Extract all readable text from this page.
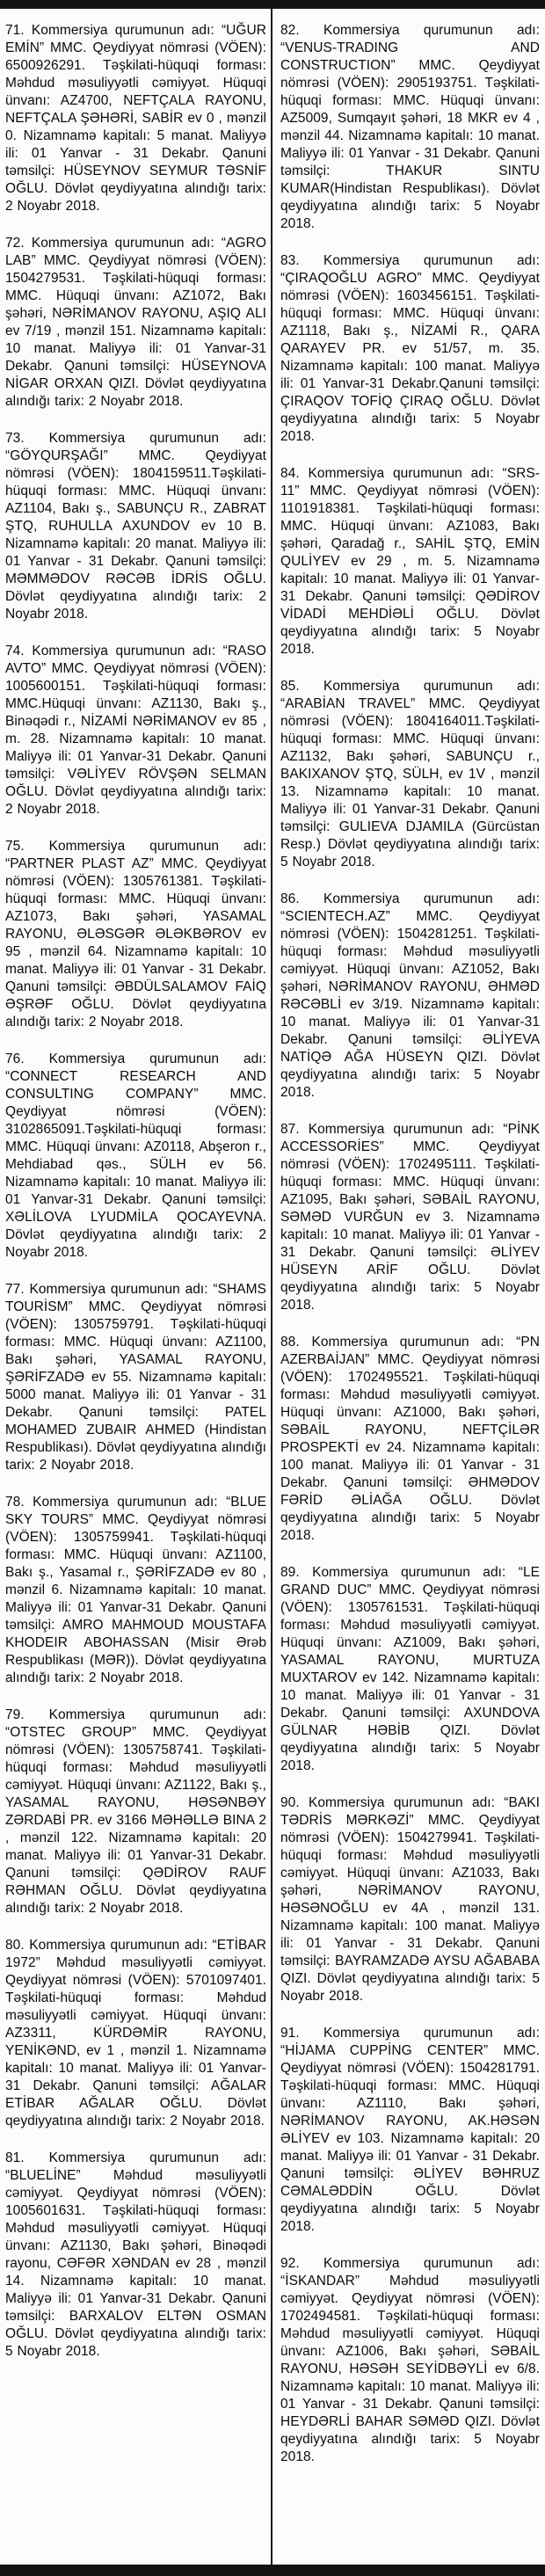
71. Kommersiya qurumunun adı: “UĞUR EMİN” MMC. Qeydiyyat nömrəsi (VÖEN): 6500926291. Təşkilati-hüquqi forması: Məhdud məsuliyyətli cəmiyyət. Hüquqi ünvanı: AZ4700, NEFTÇALA RAYONU, NEFTÇALA ŞƏHƏRİ, SABİR ev 0 , mənzil 0. Nizamnamə kapitalı: 5 manat. Maliyyə ili: 01 Yanvar - 31 Dekabr. Qanuni təmsilçi: HÜSEYNOV SEYMUR TƏSNİF OĞLU. Dövlət qeydiyyatına alındığı tarix: 2 Noyabr 2018.

72. Kommersiya qurumunun adı: “AGRO LAB” MMC. Qeydiyyat nömrəsi (VÖEN): 1504279531. Təşkilati-hüquqi forması: MMC. Hüquqi ünvanı: AZ1072, Bakı şəhəri, NƏRİMANOV RAYONU, AŞIQ ALI ev 7/19 , mənzil 151. Nizamnamə kapitalı: 10 manat. Maliyyə ili: 01 Yanvar-31 Dekabr. Qanuni təmsilçi: HÜSEYNOVA NİGAR ORXAN QIZI. Dövlət qeydiyyatına alındığı tarix: 2 Noyabr 2018.

73. Kommersiya qurumunun adı: “GÖYQURŞAĞI” MMC. Qeydiyyat nömrəsi (VÖEN): 1804159511.Təşkilati-hüquqi forması: MMC. Hüquqi ünvanı: AZ1104, Bakı ş., SABUNÇU R., ZABRAT ŞTQ, RUHULLA AXUNDOV ev 10 B. Nizamnamə kapitalı: 20 manat. Maliyyə ili: 01 Yanvar - 31 Dekabr. Qanuni təmsilçi: MƏMMƏDOV RƏCƏB İDRİS OĞLU. Dövlət qeydiyyatına alındığı tarix: 2 Noyabr 2018.

74. Kommersiya qurumunun adı: “RASO AVTO” MMC. Qeydiyyat nömrəsi (VÖEN): 1005600151. Təşkilati-hüquqi forması: MMC.Hüquqi ünvanı: AZ1130, Bakı ş., Binəqədi r., NİZAMİ NƏRİMANOV ev 85 , m. 28. Nizamnamə kapitalı: 10 manat. Maliyyə ili: 01 Yanvar-31 Dekabr. Qanuni təmsilçi: VƏLİYEV RÖVŞƏN SELMAN OĞLU. Dövlət qeydiyyatına alındığı tarix: 2 Noyabr 2018.

75. Kommersiya qurumunun adı: “PARTNER PLAST AZ” MMC. Qeydiyyat nömrəsi (VÖEN): 1305761381. Təşkilati-hüquqi forması: MMC. Hüquqi ünvanı: AZ1073, Bakı şəhəri, YASAMAL RAYONU, ƏLƏSGƏR ƏLƏKBƏROV ev 95 , mənzil 64. Nizamnamə kapitalı: 10 manat. Maliyyə ili: 01 Yanvar - 31 Dekabr. Qanuni təmsilçi: ƏBDÜLSALAMOV FAİQ ƏŞRƏF OĞLU. Dövlət qeydiyyatına alındığı tarix: 2 Noyabr 2018.

76. Kommersiya qurumunun adı: “CONNECT RESEARCH AND CONSULTING COMPANY” MMC. Qeydiyyat nömrəsi (VÖEN): 3102865091.Təşkilati-hüquqi forması: MMC. Hüquqi ünvanı: AZ0118, Abşeron r., Mehdiabad qəs., SÜLH ev 56. Nizamnamə kapitalı: 10 manat. Maliyyə ili: 01 Yanvar-31 Dekabr. Qanuni təmsilçi: XƏLİLOVA LYUDMİLA QOCAYEVNA. Dövlət qeydiyyatına alındığı tarix: 2 Noyabr 2018.

77. Kommersiya qurumunun adı: “SHAMS TOURİSM” MMC. Qeydiyyat nömrəsi (VÖEN): 1305759791. Təşkilati-hüquqi forması: MMC. Hüquqi ünvanı: AZ1100, Bakı şəhəri, YASAMAL RAYONU, ŞƏRİFZADƏ ev 55. Nizamnamə kapitalı: 5000 manat. Maliyyə ili: 01 Yanvar - 31 Dekabr. Qanuni təmsilçi: PATEL MOHAMED ZUBAIR AHMED (Hindistan Respublikası). Dövlət qeydiyyatına alındığı tarix: 2 Noyabr 2018.

78. Kommersiya qurumunun adı: “BLUE SKY TOURS” MMC. Qeydiyyat nömrəsi (VÖEN): 1305759941. Təşkilati-hüquqi forması: MMC. Hüquqi ünvanı: AZ1100, Bakı ş., Yasamal r., ŞƏRİFZADƏ ev 80 , mənzil 6. Nizamnamə kapitalı: 10 manat. Maliyyə ili: 01 Yanvar-31 Dekabr. Qanuni təmsilçi: AMRO MAHMOUD MOUSTAFA KHODEIR ABOHASSAN (Misir Ərəb Respublikası (MƏR)). Dövlət qeydiyyatına alındığı tarix: 2 Noyabr 2018.

79. Kommersiya qurumunun adı: “OTSTEC GROUP” MMC. Qeydiyyat nömrəsi (VÖEN): 1305758741. Təşkilati-hüquqi forması: Məhdud məsuliyyətli cəmiyyət. Hüquqi ünvanı: AZ1122, Bakı ş., YASAMAL RAYONU, HƏSƏNBƏY ZƏRDABİ PR. ev 3166 MƏHƏLLƏ BINA 2 , mənzil 122. Nizamnamə kapitalı: 20 manat. Maliyyə ili: 01 Yanvar-31 Dekabr. Qanuni təmsilçi: QƏDİROV RAUF RƏHMAN OĞLU. Dövlət qeydiyyatına alındığı tarix: 2 Noyabr 2018.

80. Kommersiya qurumunun adı: “ETİBAR 1972” Məhdud məsuliyyətli cəmiyyət. Qeydiyyat nömrəsi (VÖEN): 5701097401. Təşkilati-hüquqi forması: Məhdud məsuliyyətli cəmiyyət. Hüquqi ünvanı: AZ3311, KÜRDƏMİR RAYONU, YENİKƏND, ev 1 , mənzil 1. Nizamnamə kapitalı: 10 manat. Maliyyə ili: 01 Yanvar-31 Dekabr. Qanuni təmsilçi: AĞALAR ETİBAR AĞALAR OĞLU. Dövlət qeydiyyatına alındığı tarix: 2 Noyabr 2018.

81. Kommersiya qurumunun adı: “BLUELİNE” Məhdud məsuliyyətli cəmiyyət. Qeydiyyat nömrəsi (VÖEN): 1005601631. Təşkilati-hüquqi forması: Məhdud məsuliyyətli cəmiyyət. Hüquqi ünvanı: AZ1130, Bakı şəhəri, Binəqədi rayonu, CƏFƏR XƏNDAN ev 28 , mənzil 14. Nizamnamə kapitalı: 10 manat. Maliyyə ili: 01 Yanvar-31 Dekabr. Qanuni təmsilçi: BARXALOV ELTƏN OSMAN OĞLU. Dövlət qeydiyyatına alındığı tarix: 5 Noyabr 2018.

82. Kommersiya qurumunun adı: “VENUS-TRADING AND CONSTRUCTION” MMC. Qeydiyyat nömrəsi (VÖEN): 2905193751. Təşkilati-hüquqi forması: MMC. Hüquqi ünvanı: AZ5009, Sumqayıt şəhəri, 18 MKR ev 4 , mənzil 44. Nizamnamə kapitalı: 10 manat. Maliyyə ili: 01 Yanvar - 31 Dekabr. Qanuni təmsilçi: THAKUR SINTU KUMAR(Hindistan Respublikası). Dövlət qeydiyyatına alındığı tarix: 5 Noyabr 2018.

83. Kommersiya qurumunun adı: “ÇIRAQOĞLU AGRO” MMC. Qeydiyyat nömrəsi (VÖEN): 1603456151. Təşkilati-hüquqi forması: MMC. Hüquqi ünvanı: AZ1118, Bakı ş., NİZAMİ R., QARA QARAYEV PR. ev 51/57, m. 35. Nizamnamə kapitalı: 100 manat. Maliyyə ili: 01 Yanvar-31 Dekabr.Qanuni təmsilçi: ÇIRAQOV TOFİQ ÇIRAQ OĞLU. Dövlət qeydiyyatına alındığı tarix: 5 Noyabr 2018.

84. Kommersiya qurumunun adı: “SRS-11” MMC. Qeydiyyat nömrəsi (VÖEN): 1101918381. Təşkilati-hüquqi forması: MMC. Hüquqi ünvanı: AZ1083, Bakı şəhəri, Qaradağ r., SAHİL ŞTQ, EMİN QULİYEV ev 29 , m. 5. Nizamnamə kapitalı: 10 manat. Maliyyə ili: 01 Yanvar-31 Dekabr. Qanuni təmsilçi: QƏDİROV VİDADİ MEHDİƏLİ OĞLU. Dövlət qeydiyyatına alındığı tarix: 5 Noyabr 2018.

85. Kommersiya qurumunun adı: “ARABİAN TRAVEL” MMC. Qeydiyyat nömrəsi (VÖEN): 1804164011.Təşkilati-hüquqi forması: MMC. Hüquqi ünvanı: AZ1132, Bakı şəhəri, SABUNÇU r., BAKIXANOV ŞTQ, SÜLH, ev 1V , mənzil 13. Nizamnamə kapitalı: 10 manat. Maliyyə ili: 01 Yanvar-31 Dekabr. Qanuni təmsilçi: GULIEVA DJAMILA (Gürcüstan Resp.) Dövlət qeydiyyatına alındığı tarix: 5 Noyabr 2018.

86. Kommersiya qurumunun adı: “SCIENTECH.AZ” MMC. Qeydiyyat nömrəsi (VÖEN): 1504281251. Təşkilati-hüquqi forması: Məhdud məsuliyyətli cəmiyyət. Hüquqi ünvanı: AZ1052, Bakı şəhəri, NƏRİMANOV RAYONU, ƏHMƏD RƏCƏBLİ ev 3/19. Nizamnamə kapitalı: 10 manat. Maliyyə ili: 01 Yanvar-31 Dekabr. Qanuni təmsilçi: ƏLİYEVA NATİQƏ AĞA HÜSEYN QIZI. Dövlət qeydiyyatına alındığı tarix: 5 Noyabr 2018.

87. Kommersiya qurumunun adı: “PİNK ACCESSORİES” MMC. Qeydiyyat nömrəsi (VÖEN): 1702495111. Təşkilati-hüquqi forması: MMC. Hüquqi ünvanı: AZ1095, Bakı şəhəri, SƏBAİL RAYONU, SƏMƏD VURĞUN ev 3. Nizamnamə kapitalı: 10 manat. Maliyyə ili: 01 Yanvar - 31 Dekabr. Qanuni təmsilçi: ƏLİYEV HÜSEYN ARİF OĞLU. Dövlət qeydiyyatına alındığı tarix: 5 Noyabr 2018.

88. Kommersiya qurumunun adı: “PN AZERBAİJAN” MMC. Qeydiyyat nömrəsi (VÖEN): 1702495521. Təşkilati-hüquqi forması: Məhdud məsuliyyətli cəmiyyət. Hüquqi ünvanı: AZ1000, Bakı şəhəri, SƏBAİL RAYONU, NEFTÇİLƏR PROSPEKTİ ev 24. Nizamnamə kapitalı: 100 manat. Maliyyə ili: 01 Yanvar - 31 Dekabr. Qanuni təmsilçi: ƏHMƏDOV FƏRİD ƏLİAĞA OĞLU. Dövlət qeydiyyatına alındığı tarix: 5 Noyabr 2018.

89. Kommersiya qurumunun adı: “LE GRAND DUC” MMC. Qeydiyyat nömrəsi (VÖEN): 1305761531. Təşkilati-hüquqi forması: Məhdud məsuliyyətli cəmiyyət. Hüquqi ünvanı: AZ1009, Bakı şəhəri, YASAMAL RAYONU, MURTUZA MUXTAROV ev 142. Nizamnamə kapitalı: 10 manat. Maliyyə ili: 01 Yanvar - 31 Dekabr. Qanuni təmsilçi: AXUNDOVA GÜLNAR HƏBİB QIZI. Dövlət qeydiyyatına alındığı tarix: 5 Noyabr 2018.

90. Kommersiya qurumunun adı: “BAKI TƏDRİS MƏRKƏZİ” MMC. Qeydiyyat nömrəsi (VÖEN): 1504279941. Təşkilati-hüquqi forması: Məhdud məsuliyyətli cəmiyyət. Hüquqi ünvanı: AZ1033, Bakı şəhəri, NƏRİMANOV RAYONU, HƏSƏNOĞLU ev 4A , mənzil 131. Nizamnamə kapitalı: 100 manat. Maliyyə ili: 01 Yanvar - 31 Dekabr. Qanuni təmsilçi: BAYRAMZADƏ AYSU AĞABABA QIZI. Dövlət qeydiyyatına alındığı tarix: 5 Noyabr 2018.

91. Kommersiya qurumunun adı: “HİJAMA CUPPİNG CENTER” MMC. Qeydiyyat nömrəsi (VÖEN): 1504281791. Təşkilati-hüquqi forması: MMC. Hüquqi ünvanı: AZ1110, Bakı şəhəri, NƏRİMANOV RAYONU, AK.HƏSƏN ƏLİYEV ev 103. Nizamnamə kapitalı: 20 manat. Maliyyə ili: 01 Yanvar - 31 Dekabr. Qanuni təmsilçi: ƏLİYEV BƏHRUZ CƏMALƏDDİN OĞLU. Dövlət qeydiyyatına alındığı tarix: 5 Noyabr 2018.

92. Kommersiya qurumunun adı: “İSKANDAR” Məhdud məsuliyyətli cəmiyyət. Qeydiyyat nömrəsi (VÖEN): 1702494581. Təşkilati-hüquqi forması: Məhdud məsuliyyətli cəmiyyət. Hüquqi ünvanı: AZ1006, Bakı şəhəri, SƏBAİL RAYONU, HƏSƏH SEYİDBƏYLİ ev 6/8. Nizamnamə kapitalı: 10 manat. Maliyyə ili: 01 Yanvar - 31 Dekabr. Qanuni təmsilçi: HEYDƏRLİ BAHAR SƏMƏD QIZI. Dövlət qeydiyyatına alındığı tarix: 5 Noyabr 2018.
